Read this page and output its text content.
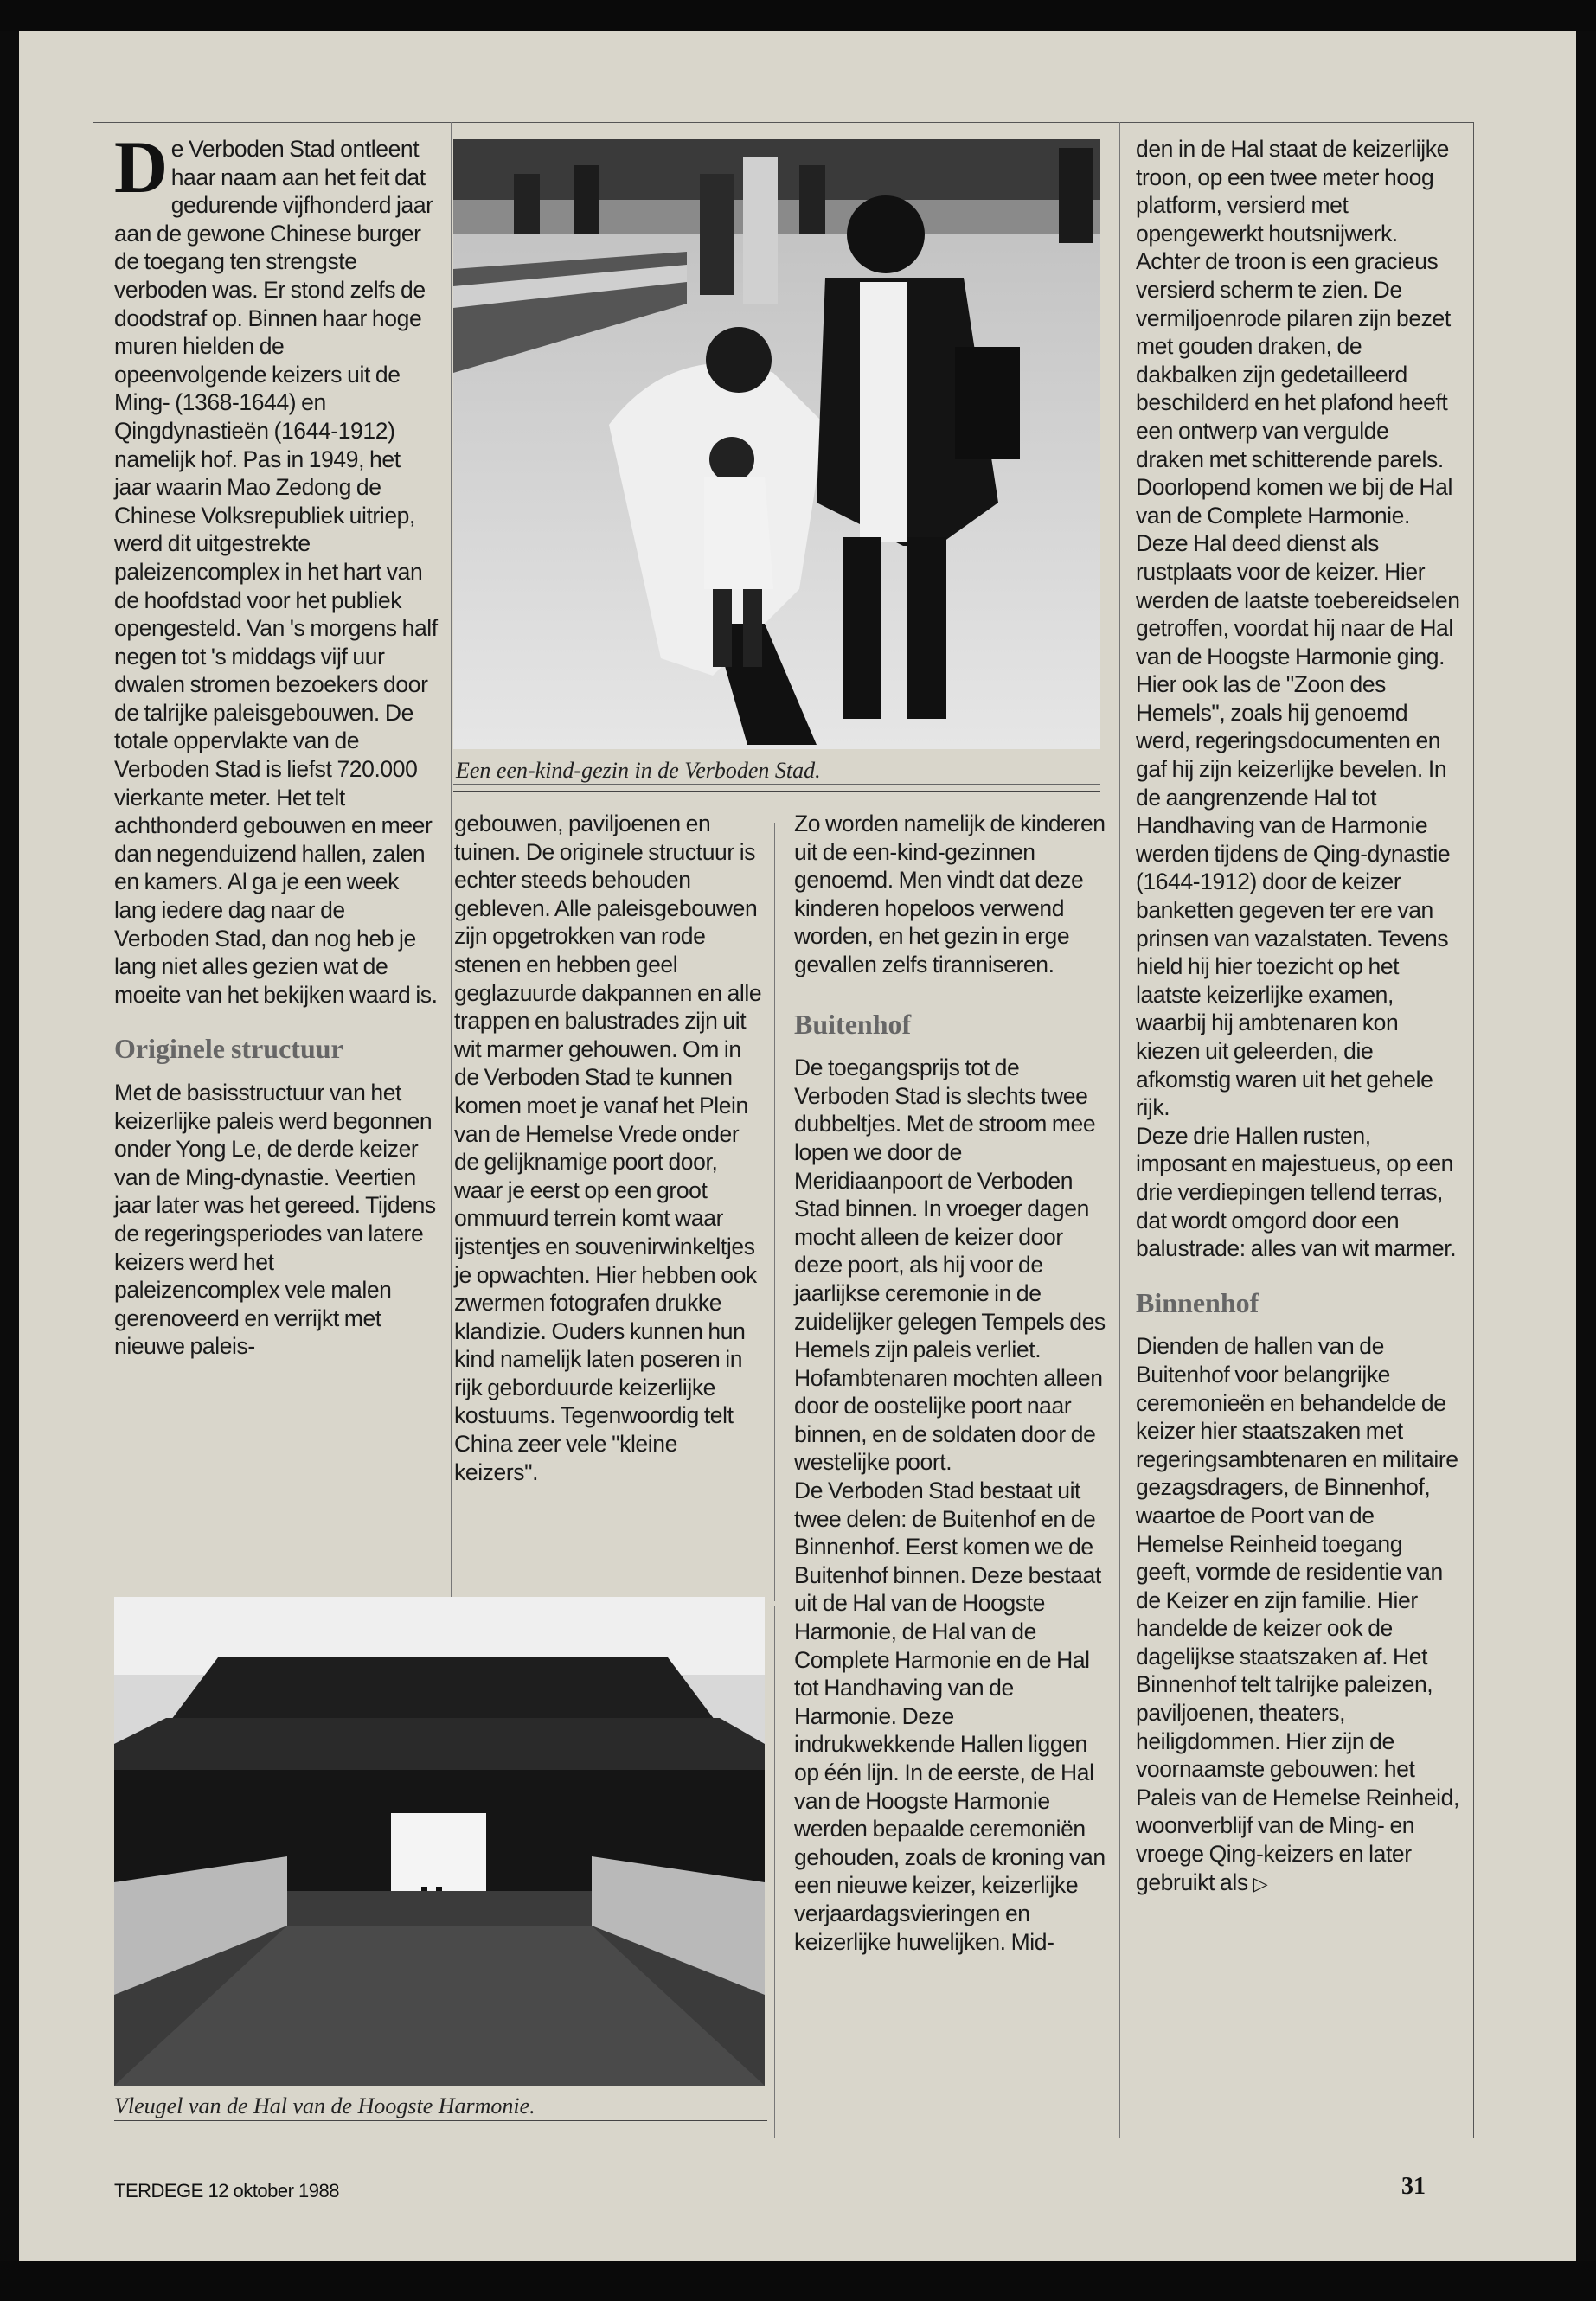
D e Verboden Stad ontleent haar naam aan het feit dat gedurende vijfhonderd jaar aan de gewone Chinese burger de toegang ten strengste verboden was. Er stond zelfs de doodstraf op. Binnen haar hoge muren hielden de opeenvolgende keizers uit de Ming- (1368-1644) en Qingdynastieën (1644-1912) namelijk hof. Pas in 1949, het jaar waarin Mao Zedong de Chinese Volksrepubliek uitriep, werd dit uitgestrekte paleizencomplex in het hart van de hoofdstad voor het publiek opengesteld. Van 's morgens half negen tot 's middags vijf uur dwalen stromen bezoekers door de talrijke paleisgebouwen. De totale oppervlakte van de Verboden Stad is liefst 720.000 vierkante meter. Het telt achthonderd gebouwen en meer dan negenduizend hallen, zalen en kamers. Al ga je een week lang iedere dag naar de Verboden Stad, dan nog heb je lang niet alles gezien wat de moeite van het bekijken waard is.

Originele structuur

Met de basisstructuur van het keizerlijke paleis werd begonnen onder Yong Le, de derde keizer van de Ming-dynastie. Veertien jaar later was het gereed. Tijdens de regeringsperiodes van latere keizers werd het paleizencomplex vele malen gerenoveerd en verrijkt met nieuwe paleis-

Een een-kind-gezin in de Verboden Stad.

gebouwen, paviljoenen en tuinen. De originele structuur is echter steeds behouden gebleven. Alle paleisgebouwen zijn opgetrokken van rode stenen en hebben geel geglazuurde dakpannen en alle trappen en balustrades zijn uit wit marmer gehouwen. Om in de Verboden Stad te kunnen komen moet je vanaf het Plein van de Hemelse Vrede onder de gelijknamige poort door, waar je eerst op een groot ommuurd terrein komt waar ijstentjes en souvenirwinkeltjes je opwachten. Hier hebben ook zwermen fotografen drukke klandizie. Ouders kunnen hun kind namelijk laten poseren in rijk geborduurde keizerlijke kostuums. Tegenwoordig telt China zeer vele "kleine keizers".

Zo worden namelijk de kinderen uit de een-kind-gezinnen genoemd. Men vindt dat deze kinderen hopeloos verwend worden, en het gezin in erge gevallen zelfs tiranniseren.

Buitenhof

De toegangsprijs tot de Verboden Stad is slechts twee dubbeltjes. Met de stroom mee lopen we door de Meridiaanpoort de Verboden Stad binnen. In vroeger dagen mocht alleen de keizer door deze poort, als hij voor de jaarlijkse ceremonie in de zuidelijker gelegen Tempels des Hemels zijn paleis verliet. Hofambtenaren mochten alleen door de oostelijke poort naar binnen, en de soldaten door de westelijke poort.

De Verboden Stad bestaat uit twee delen: de Buitenhof en de Binnenhof. Eerst komen we de Buitenhof binnen. Deze bestaat uit de Hal van de Hoogste Harmonie, de Hal van de Complete Harmonie en de Hal tot Handhaving van de Harmonie. Deze indrukwekkende Hallen liggen op één lijn. In de eerste, de Hal van de Hoogste Harmonie werden bepaalde ceremoniën gehouden, zoals de kroning van een nieuwe keizer, keizerlijke verjaardagsvieringen en keizerlijke huwelijken. Mid-

Vleugel van de Hal van de Hoogste Harmonie.

den in de Hal staat de keizerlijke troon, op een twee meter hoog platform, versierd met opengewerkt houtsnijwerk. Achter de troon is een gracieus versierd scherm te zien. De vermiljoenrode pilaren zijn bezet met gouden draken, de dakbalken zijn gedetailleerd beschilderd en het plafond heeft een ontwerp van vergulde draken met schitterende parels.

Doorlopend komen we bij de Hal van de Complete Harmonie. Deze Hal deed dienst als rustplaats voor de keizer. Hier werden de laatste toebereidselen getroffen, voordat hij naar de Hal van de Hoogste Harmonie ging. Hier ook las de "Zoon des Hemels", zoals hij genoemd werd, regeringsdocumenten en gaf hij zijn keizerlijke bevelen. In de aangrenzende Hal tot Handhaving van de Harmonie werden tijdens de Qing-dynastie (1644-1912) door de keizer banketten gegeven ter ere van prinsen van vazalstaten. Tevens hield hij hier toezicht op het laatste keizerlijke examen, waarbij hij ambtenaren kon kiezen uit geleerden, die afkomstig waren uit het gehele rijk.

Deze drie Hallen rusten, imposant en majestueus, op een drie verdiepingen tellend terras, dat wordt omgord door een balustrade: alles van wit marmer.

Binnenhof

Dienden de hallen van de Buitenhof voor belangrijke ceremonieën en behandelde de keizer hier staatszaken met regeringsambtenaren en militaire gezagsdragers, de Binnenhof, waartoe de Poort van de Hemelse Reinheid toegang geeft, vormde de residentie van de Keizer en zijn familie. Hier handelde de keizer ook de dagelijkse staatszaken af. Het Binnenhof telt talrijke paleizen, paviljoenen, theaters, heiligdommen. Hier zijn de voornaamste gebouwen: het Paleis van de Hemelse Reinheid, woonverblijf van de Ming- en vroege Qing-keizers en later gebruikt als ▷

TERDEGE 12 oktober 1988	31
